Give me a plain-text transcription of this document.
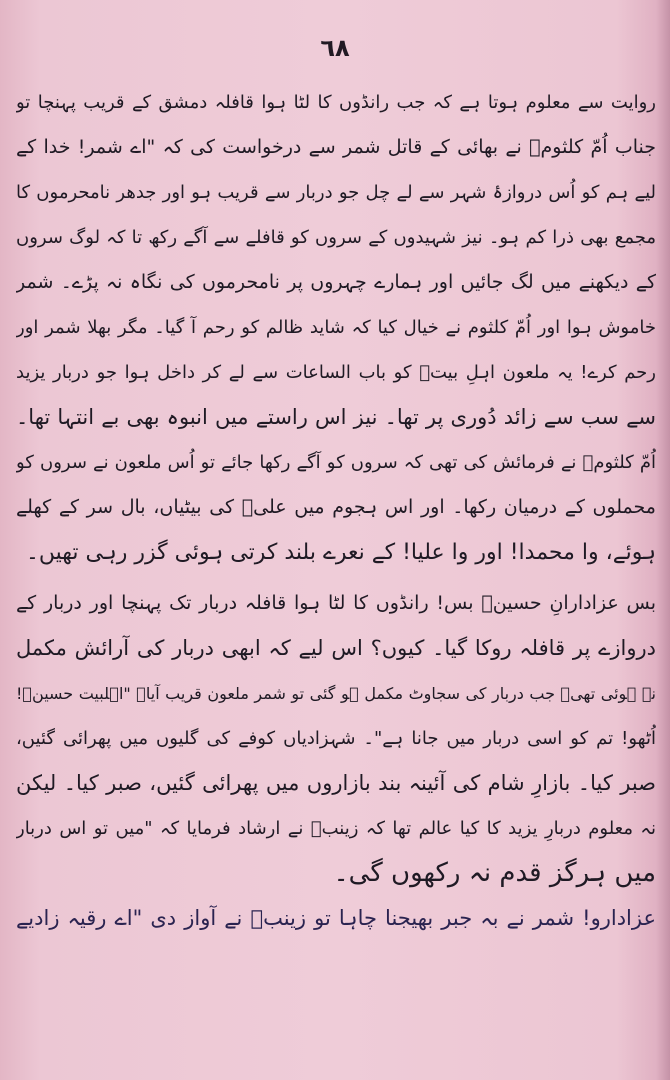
٦٨
روایت سے معلوم ہوتا ہے کہ جب رانڈوں کا لٹا ہوا قافلہ دمشق کے قریب پہنچا تو
جناب اُمّ کلثومؑ نے بھائی کے قاتل شمر سے درخواست کی کہ "اے شمر! خدا کے
لیے ہم کو اُس دروازۂ شہر سے لے چل جو دربار سے قریب ہو اور جدھر نامحرموں کا
مجمع بھی ذرا کم ہو۔ نیز شہیدوں کے سروں کو قافلے سے آگے رکھ تا کہ لوگ سروں
کے دیکھنے میں لگ جائیں اور ہمارے چہروں پر نامحرموں کی نگاہ نہ پڑے۔ شمر
خاموش ہوا اور اُمّ کلثوم نے خیال کیا کہ شاید ظالم کو رحم آ گیا۔ مگر بھلا شمر اور
رحم کرے! یہ ملعون اہلِ بیتؑ کو باب الساعات سے لے کر داخل ہوا جو دربار یزید
سے سب سے زائد دُوری پر تھا۔ نیز اس راستے میں انبوہ بھی بے انتہا تھا۔
اُمّ کلثومؑ نے فرمائش کی تھی کہ سروں کو آگے رکھا جائے تو اُس ملعون نے سروں کو
محملوں کے درمیان رکھا۔ اور اس ہجوم میں علیؑ کی بیٹیاں، بال سر کے کھلے
ہوئے، وا محمدا! اور وا علیا! کے نعرے بلند کرتی ہوئی گزر رہی تھیں۔
بس عزادارانِ حسینؑ بس! رانڈوں کا لٹا ہوا قافلہ دربار تک پہنچا اور دربار کے
دروازے پر قافلہ روکا گیا۔ کیوں؟ اس لیے کہ ابھی دربار کی آرائش مکمل
نہ ہوئی تھی۔ جب دربار کی سجاوٹ مکمل ہو گئی تو شمر ملعون قریب آیا۔ "اہلبیت حسینؑ!
اُٹھو! تم کو اسی دربار میں جانا ہے"۔ شہزادیاں کوفے کی گلیوں میں پھرائی گئیں،
صبر کیا۔ بازارِ شام کی آئینہ بند بازاروں میں پھرائی گئیں، صبر کیا۔ لیکن
نہ معلوم دربارِ یزید کا کیا عالم تھا کہ زینبؑ نے ارشاد فرمایا کہ "میں تو اس دربار
میں ہرگز قدم نہ رکھوں گی۔
عزادارو! شمر نے بہ جبر بھیجنا چاہا تو زینبؑ نے آواز دی "اے رقیہ زادیے
